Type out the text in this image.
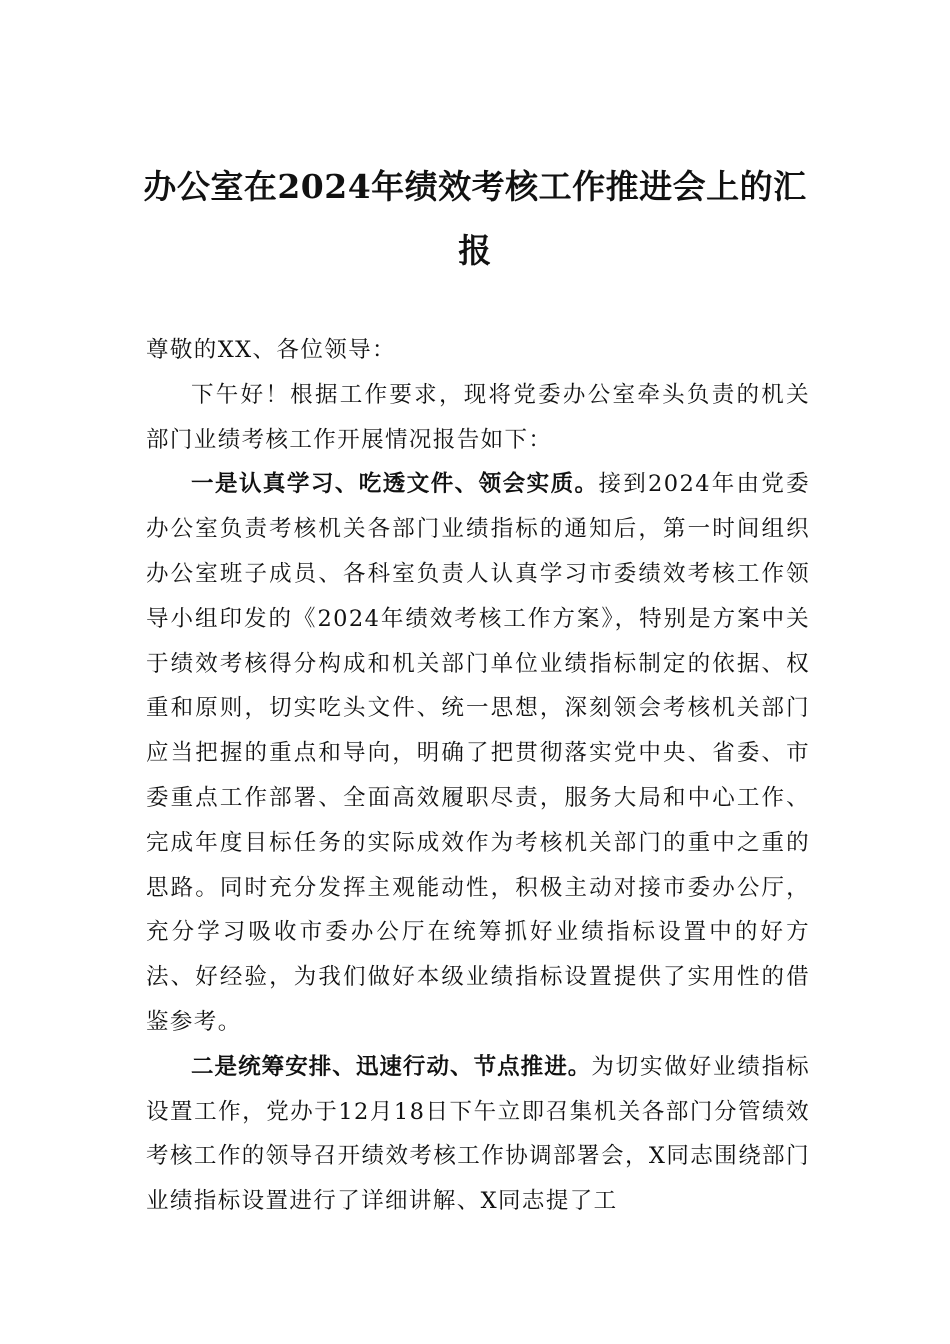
办公室在2024年绩效考核工作推进会上的汇报

尊敬的XX、各位领导：

下午好！根据工作要求，现将党委办公室牵头负责的机关部门业绩考核工作开展情况报告如下：

一是认真学习、吃透文件、领会实质。接到2024年由党委办公室负责考核机关各部门业绩指标的通知后，第一时间组织办公室班子成员、各科室负责人认真学习市委绩效考核工作领导小组印发的《2024年绩效考核工作方案》，特别是方案中关于绩效考核得分构成和机关部门单位业绩指标制定的依据、权重和原则，切实吃头文件、统一思想，深刻领会考核机关部门应当把握的重点和导向，明确了把贯彻落实党中央、省委、市委重点工作部署、全面高效履职尽责，服务大局和中心工作、完成年度目标任务的实际成效作为考核机关部门的重中之重的思路。同时充分发挥主观能动性，积极主动对接市委办公厅，充分学习吸收市委办公厅在统筹抓好业绩指标设置中的好方法、好经验，为我们做好本级业绩指标设置提供了实用性的借鉴参考。

二是统筹安排、迅速行动、节点推进。为切实做好业绩指标设置工作，党办于12月18日下午立即召集机关各部门分管绩效考核工作的领导召开绩效考核工作协调部署会，X同志围绕部门业绩指标设置进行了详细讲解、X同志提了工
